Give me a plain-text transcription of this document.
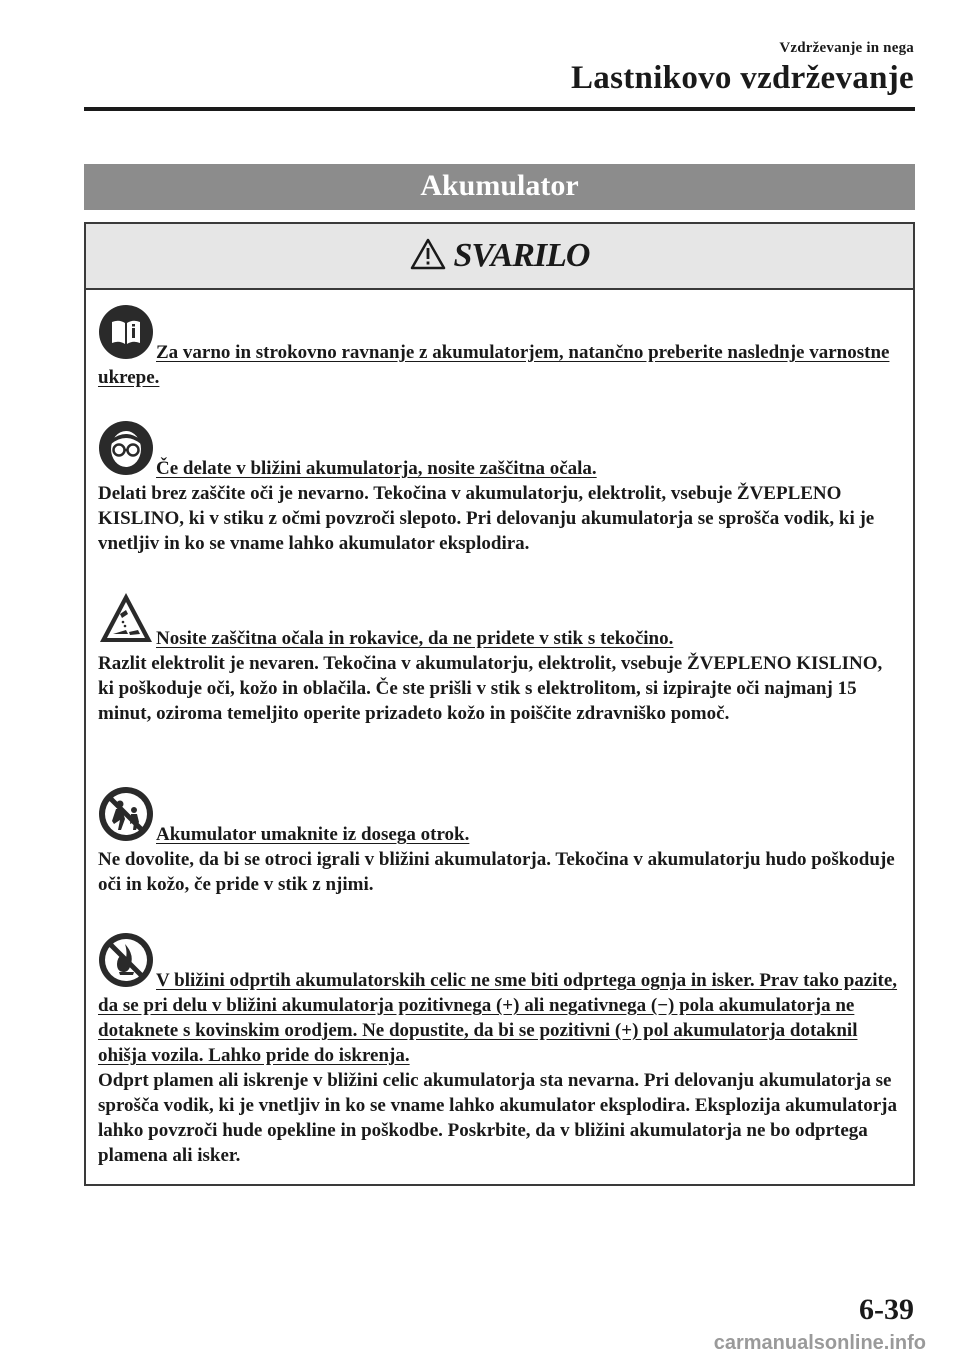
Vzdrževanje in nega
Lastnikovo vzdrževanje
Akumulator
SVARILO
Za varno in strokovno ravnanje z akumulatorjem, natančno preberite naslednje varnostne ukrepe.
Če delate v bližini akumulatorja, nosite zaščitna očala.
Delati brez zaščite oči je nevarno. Tekočina v akumulatorju, elektrolit, vsebuje ŽVEPLENO KISLINO, ki v stiku z očmi povzroči slepoto. Pri delovanju akumulatorja se sprošča vodik, ki je vnetljiv in ko se vname lahko akumulator eksplodira.
Nosite zaščitna očala in rokavice, da ne pridete v stik s tekočino.
Razlit elektrolit je nevaren. Tekočina v akumulatorju, elektrolit, vsebuje ŽVEPLENO KISLINO, ki poškoduje oči, kožo in oblačila. Če ste prišli v stik s elektrolitom, si izpirajte oči najmanj 15 minut, oziroma temeljito operite prizadeto kožo in poiščite zdravniško pomoč.
Akumulator umaknite iz dosega otrok.
Ne dovolite, da bi se otroci igrali v bližini akumulatorja. Tekočina v akumulatorju hudo poškoduje oči in kožo, če pride v stik z njimi.
V bližini odprtih akumulatorskih celic ne sme biti odprtega ognja in isker. Prav tako pazite, da se pri delu v bližini akumulatorja pozitivnega (+) ali negativnega (−) pola akumulatorja ne dotaknete s kovinskim orodjem. Ne dopustite, da bi se pozitivni (+) pol akumulatorja dotaknil ohišja vozila. Lahko pride do iskrenja.
Odprt plamen ali iskrenje v bližini celic akumulatorja sta nevarna. Pri delovanju akumulatorja se sprošča vodik, ki je vnetljiv in ko se vname lahko akumulator eksplodira. Eksplozija akumulatorja lahko povzroči hude opekline in poškodbe. Poskrbite, da v bližini akumulatorja ne bo odprtega plamena ali isker.
6-39
carmanualsonline.info
